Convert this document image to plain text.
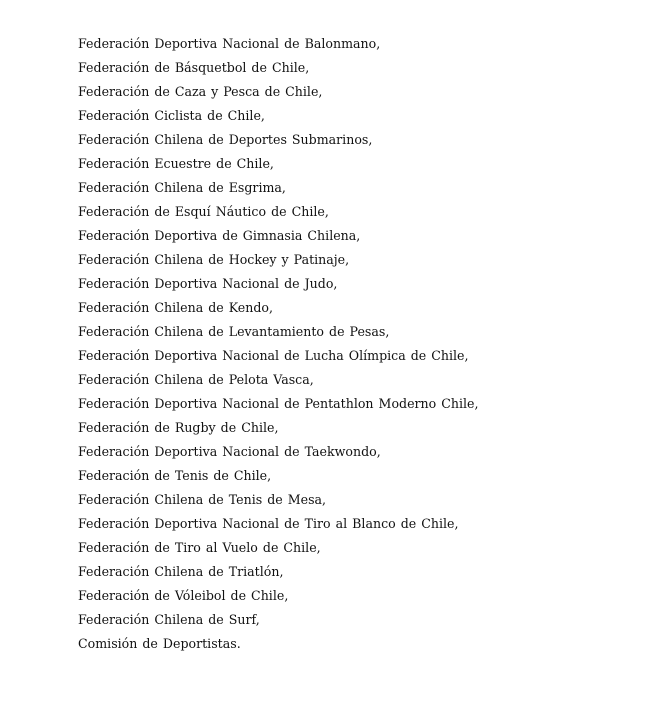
Federación Deportiva Nacional de Balonmano,
Federación de Básquetbol de Chile,
Federación de Caza y Pesca de Chile,
Federación Ciclista de Chile,
Federación Chilena de Deportes Submarinos,
Federación Ecuestre de Chile,
Federación Chilena de Esgrima,
Federación de Esquí Náutico de Chile,
Federación Deportiva de Gimnasia Chilena,
Federación Chilena de Hockey y Patinaje,
Federación Deportiva Nacional de Judo,
Federación Chilena de Kendo,
Federación Chilena de Levantamiento de Pesas,
Federación Deportiva Nacional de Lucha Olímpica de Chile,
Federación Chilena de Pelota Vasca,
Federación Deportiva Nacional de Pentathlon Moderno Chile,
Federación de Rugby de Chile,
Federación Deportiva Nacional de Taekwondo,
Federación de Tenis de Chile,
Federación Chilena de Tenis de Mesa,
Federación Deportiva Nacional de Tiro al Blanco de Chile,
Federación de Tiro al Vuelo de Chile,
Federación Chilena de Triatlón,
Federación de Vóleibol de Chile,
Federación Chilena de Surf,
Comisión de Deportistas.
